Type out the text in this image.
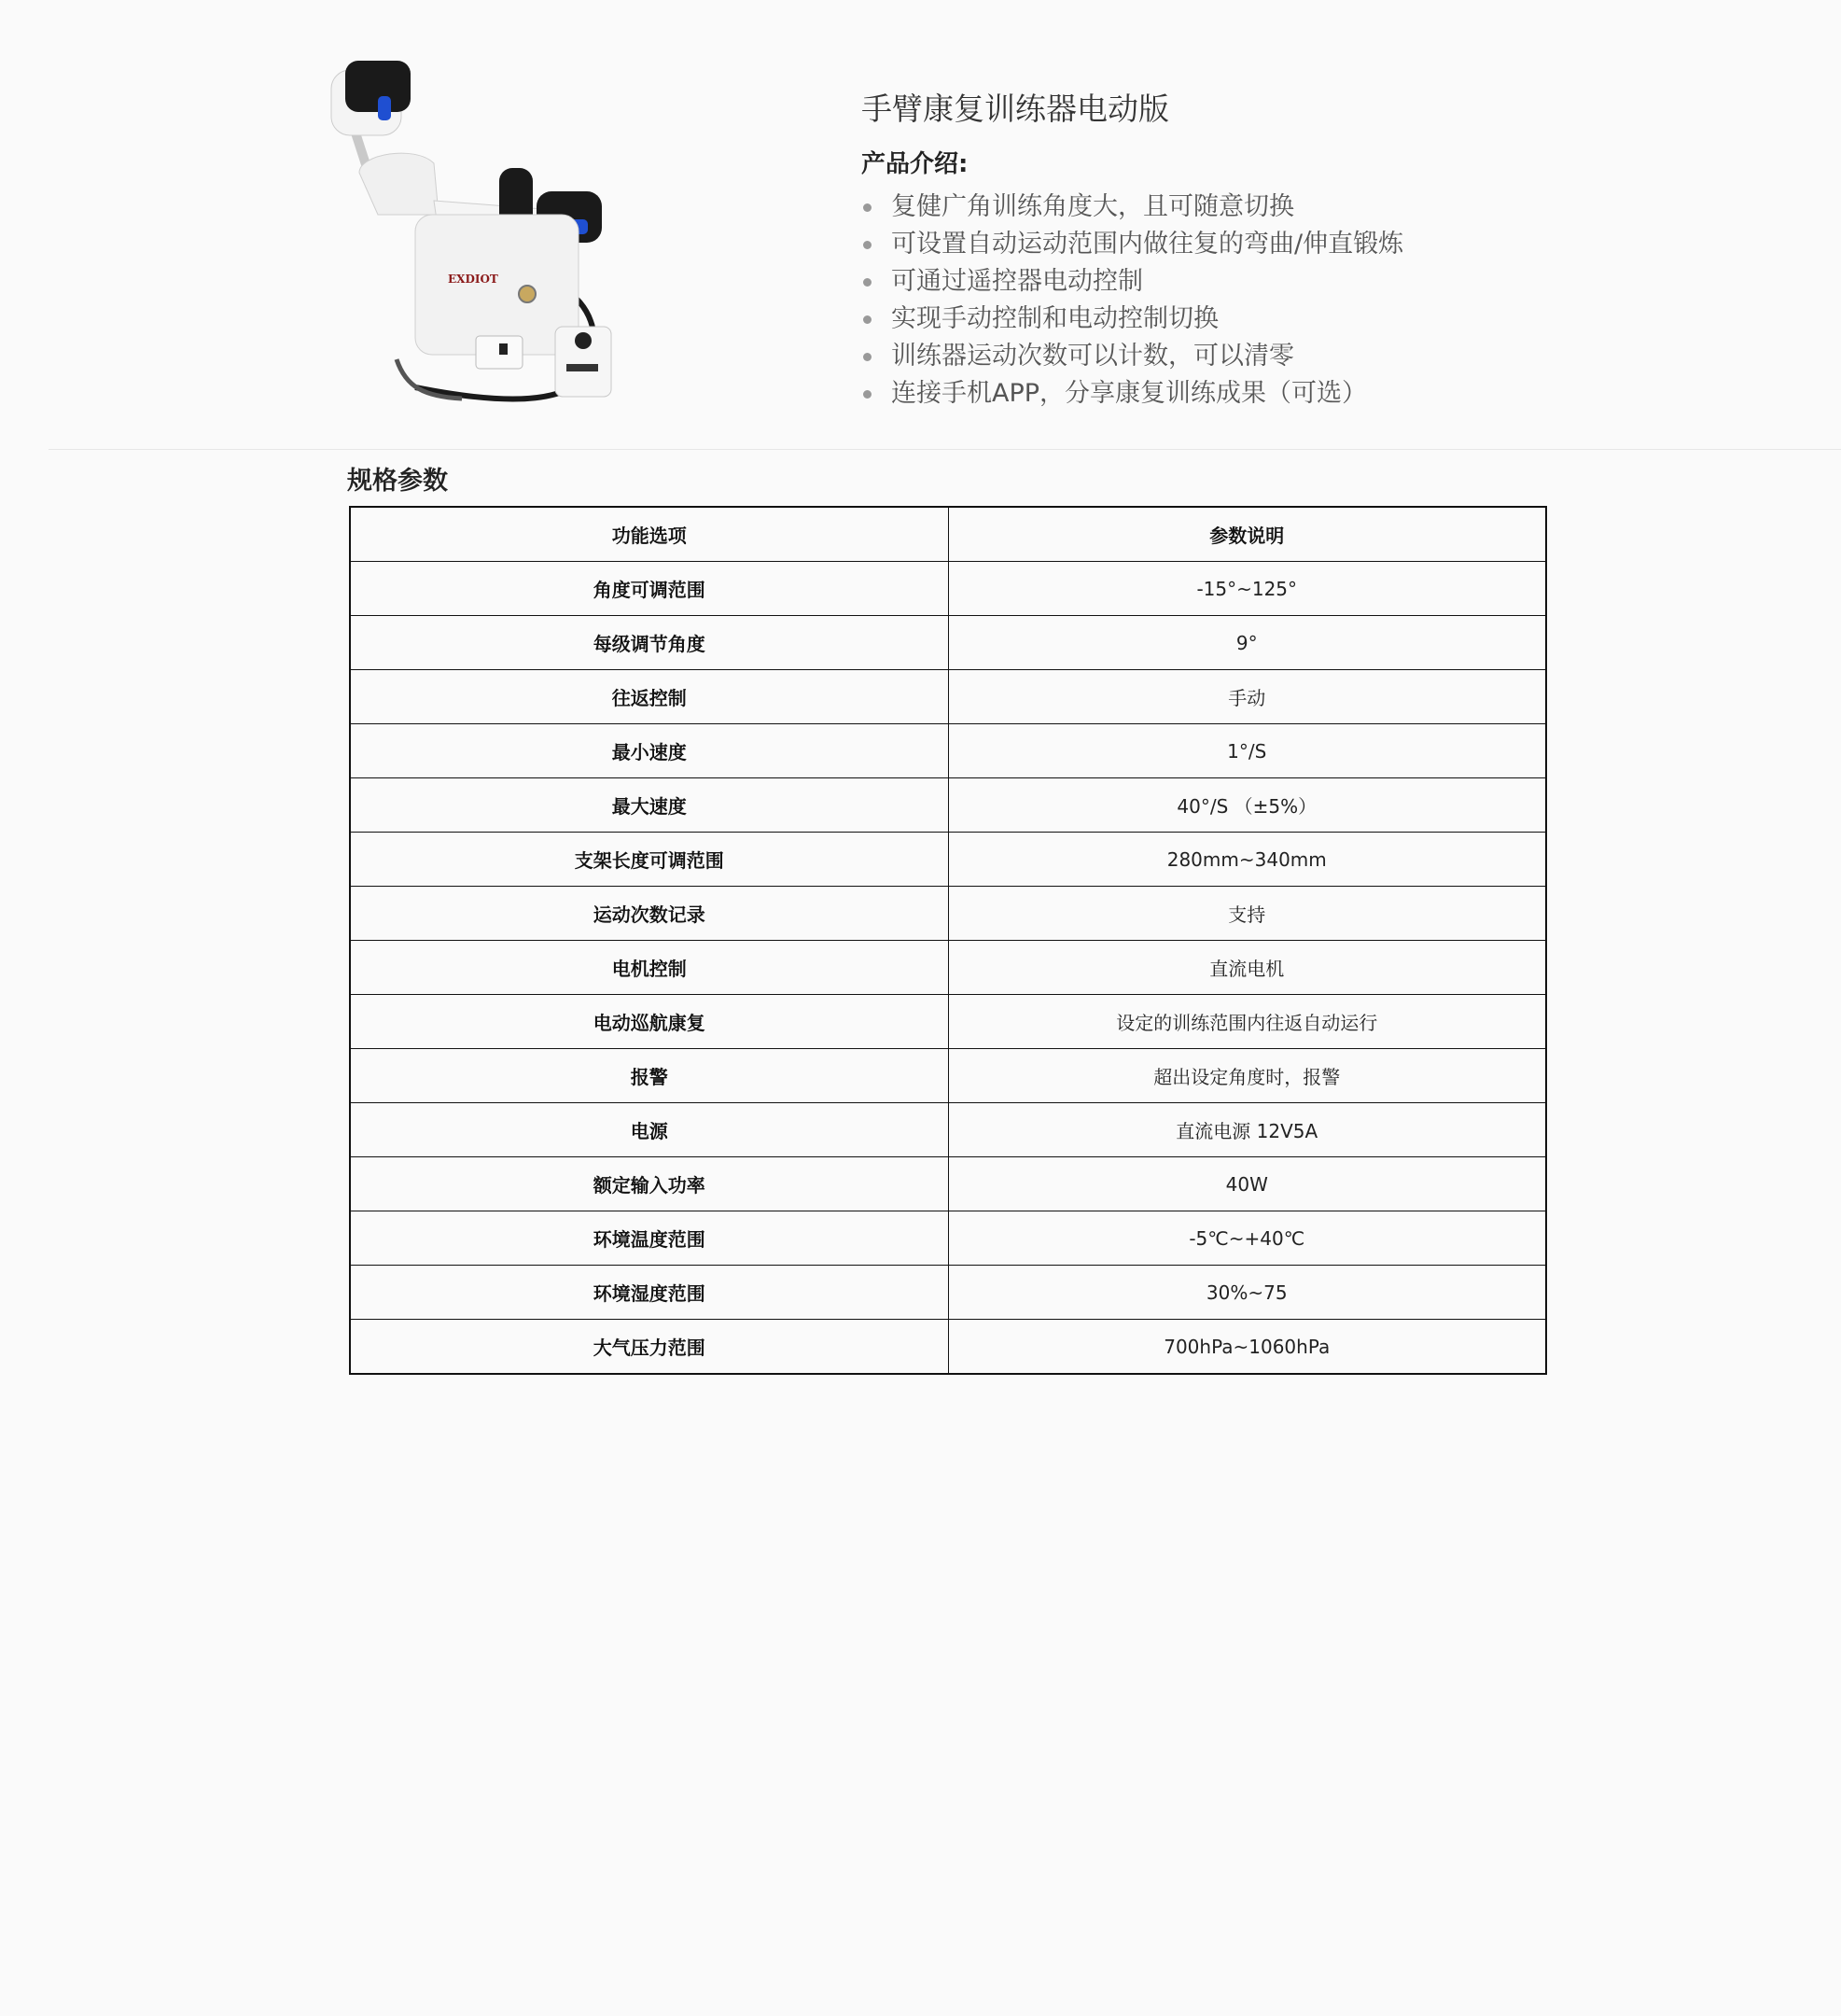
EXDIOT
手臂康复训练器电动版
产品介绍:
复健广角训练角度大，且可随意切换
可设置自动运动范围内做往复的弯曲/伸直锻炼
可通过遥控器电动控制
实现手动控制和电动控制切换
训练器运动次数可以计数，可以清零
连接手机APP，分享康复训练成果（可选）
规格参数
功能选项	参数说明
角度可调范围	-15°~125°
每级调节角度	9°
往返控制	手动
最小速度	1°/S
最大速度	40°/S （±5%）
支架长度可调范围	280mm~340mm
运动次数记录	支持
电机控制	直流电机
电动巡航康复	设定的训练范围内往返自动运行
报警	超出设定角度时，报警
电源	直流电源 12V5A
额定输入功率	40W
环境温度范围	-5℃~+40℃
环境湿度范围	30%~75
大气压力范围	700hPa~1060hPa
